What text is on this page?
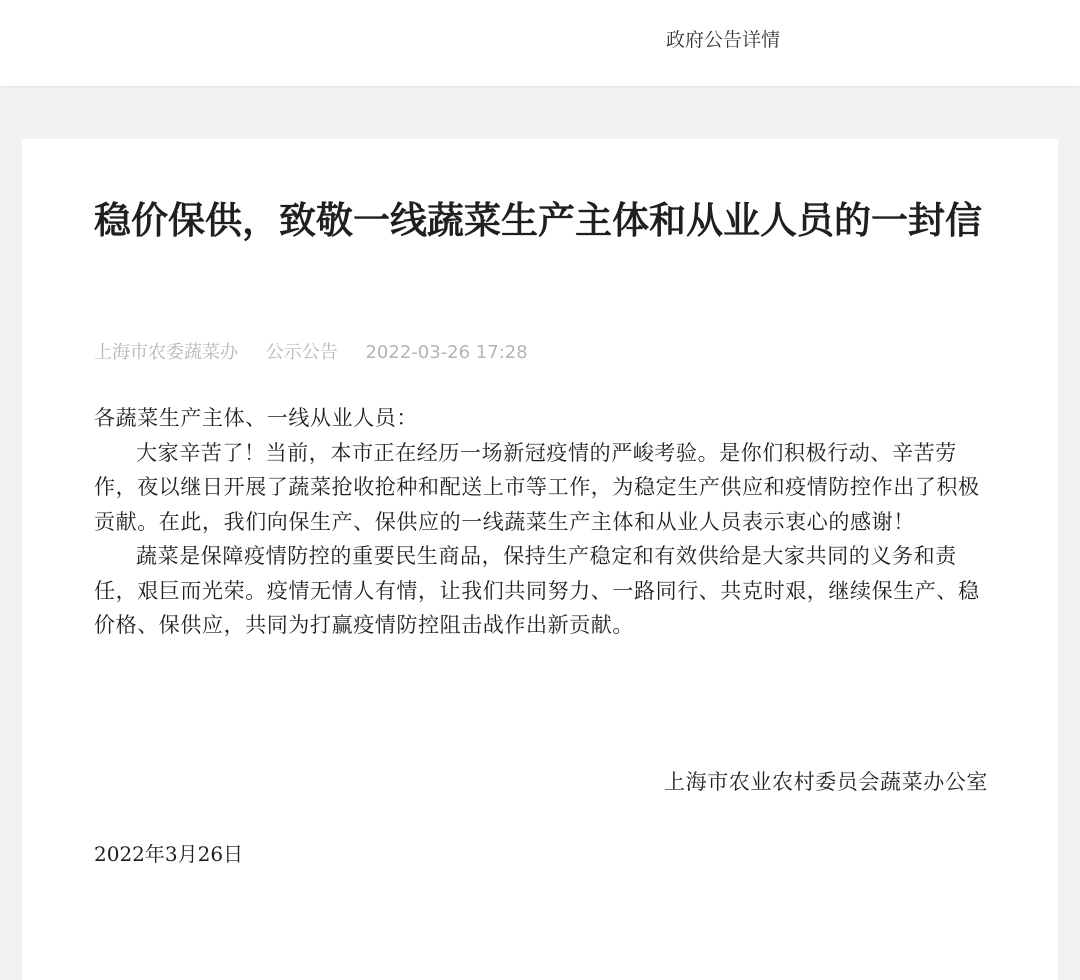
政府公告详情
稳价保供，致敬一线蔬菜生产主体和从业人员的一封信
上海市农委蔬菜办 公示公告 2022-03-26 17:28

各蔬菜生产主体、一线从业人员：

大家辛苦了！当前，本市正在经历一场新冠疫情的严峻考验。是你们积极行动、辛苦劳作，夜以继日开展了蔬菜抢收抢种和配送上市等工作，为稳定生产供应和疫情防控作出了积极贡献。在此，我们向保生产、保供应的一线蔬菜生产主体和从业人员表示衷心的感谢！

蔬菜是保障疫情防控的重要民生商品，保持生产稳定和有效供给是大家共同的义务和责任，艰巨而光荣。疫情无情人有情，让我们共同努力、一路同行、共克时艰，继续保生产、稳价格、保供应，共同为打赢疫情防控阻击战作出新贡献。

上海市农业农村委员会蔬菜办公室
2022年3月26日
